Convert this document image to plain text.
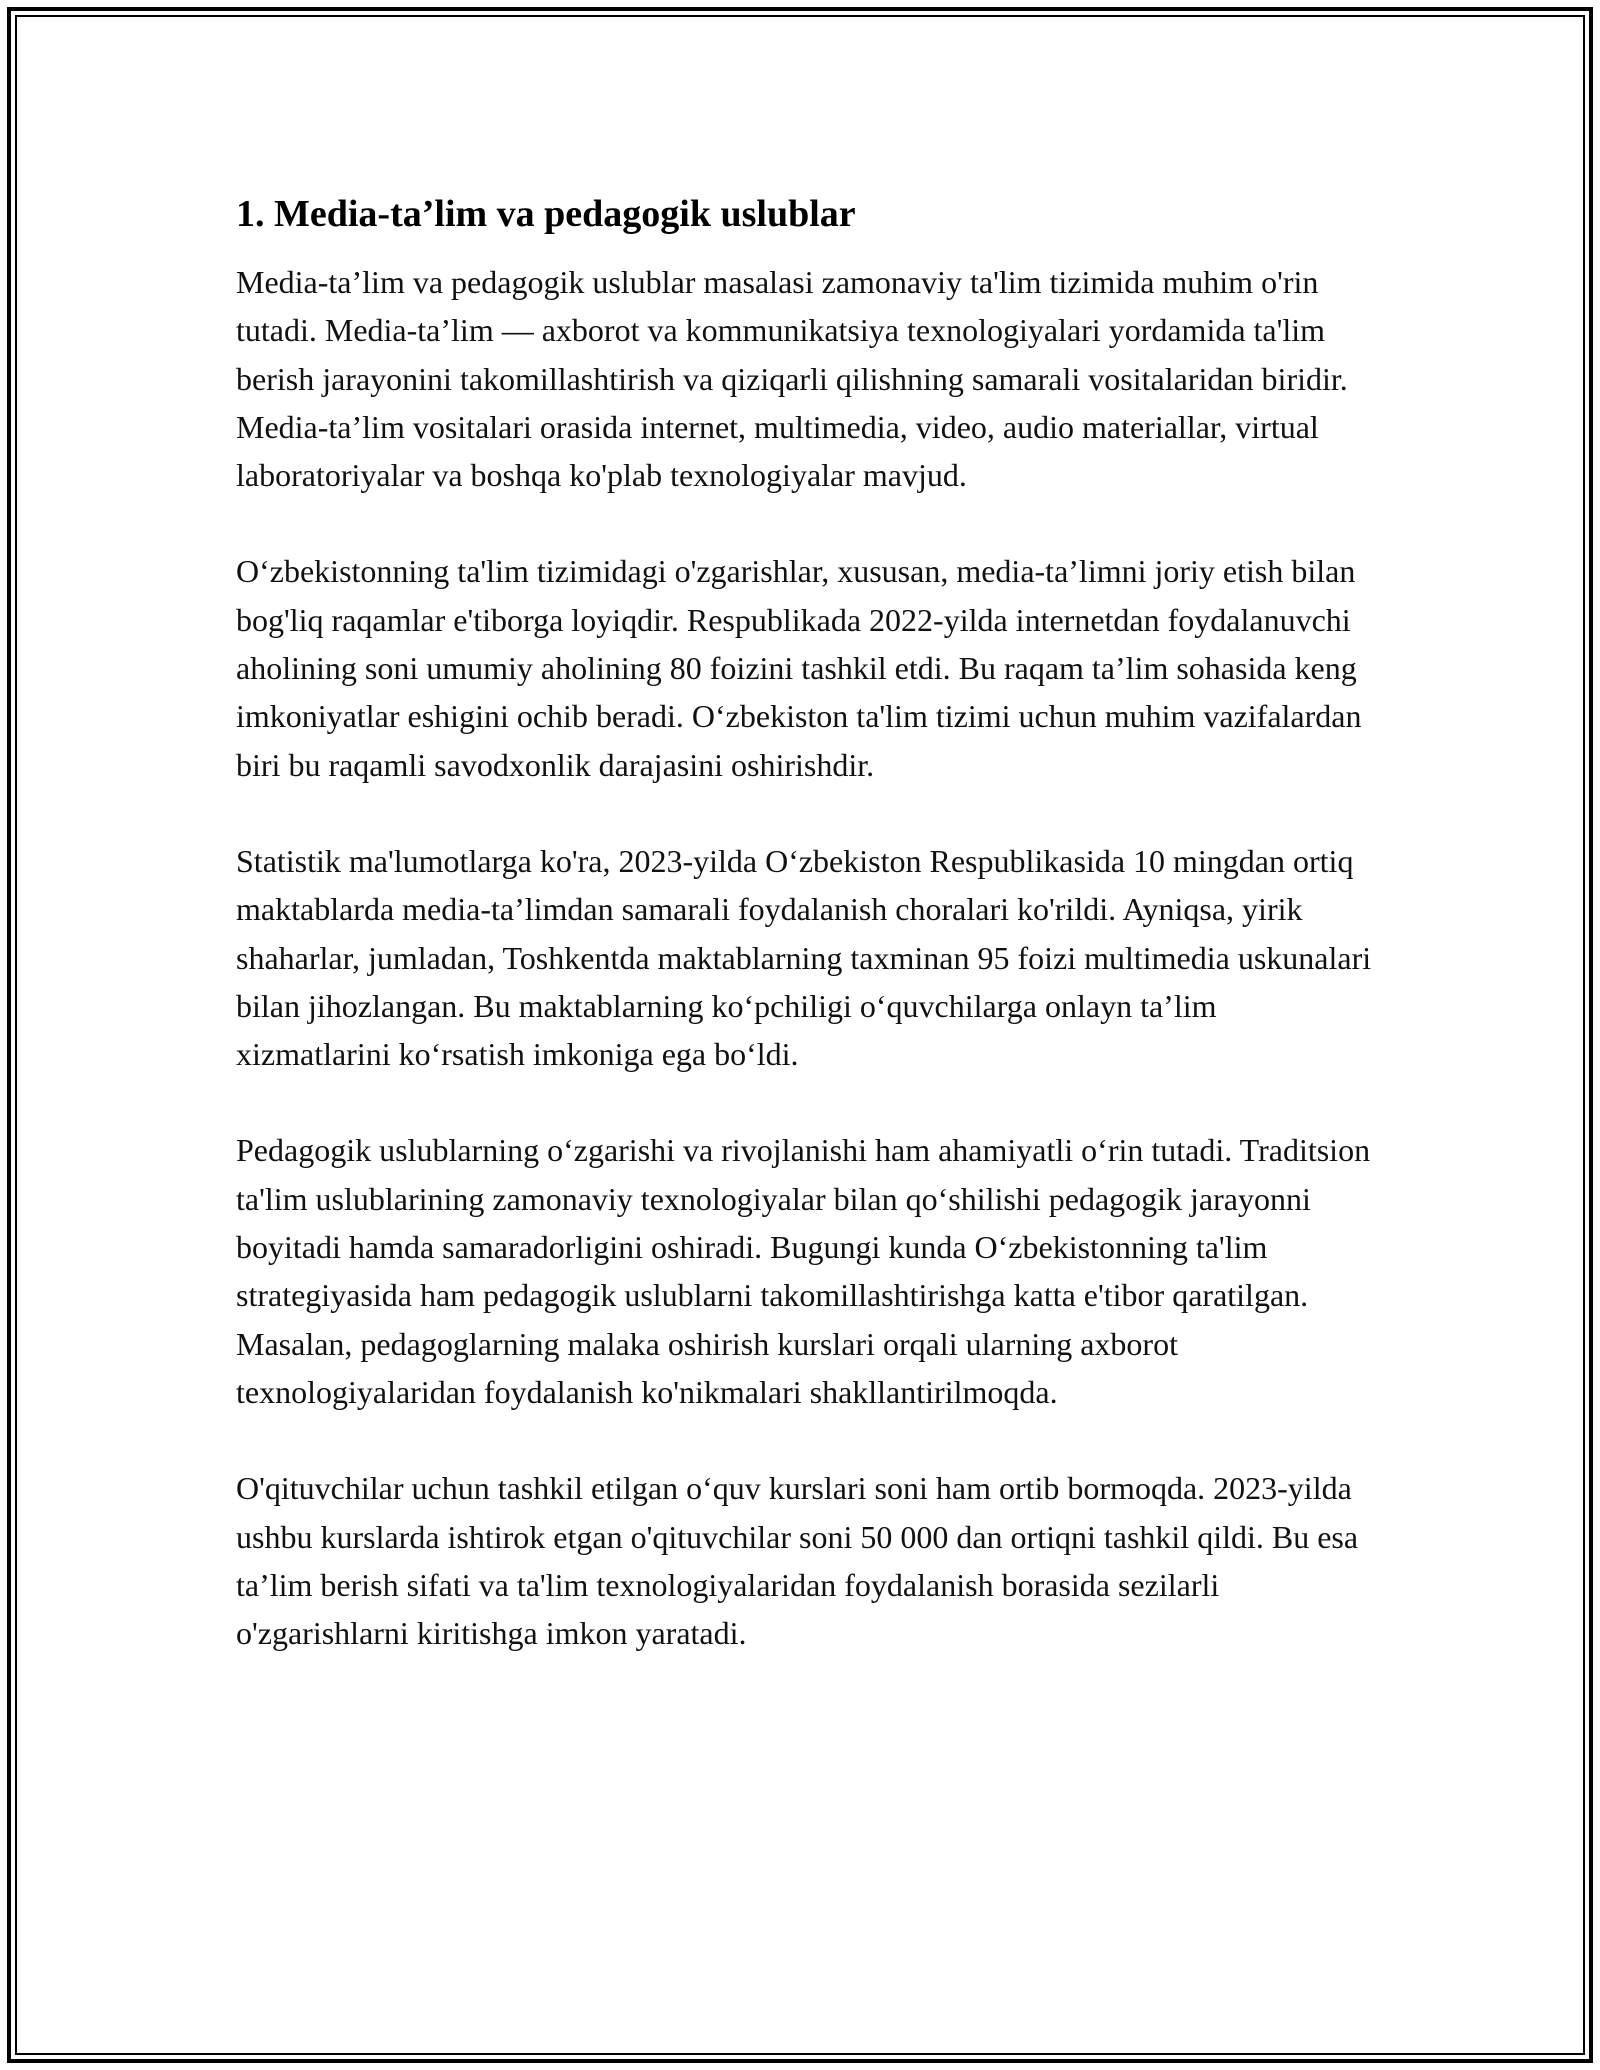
1. Media-ta’lim va pedagogik uslublar

Media-ta’lim va pedagogik uslublar masalasi zamonaviy ta'lim tizimida muhim o'rin tutadi. Media-ta’lim — axborot va kommunikatsiya texnologiyalari yordamida ta'lim berish jarayonini takomillashtirish va qiziqarli qilishning samarali vositalaridan biridir. Media-ta’lim vositalari orasida internet, multimedia, video, audio materiallar, virtual laboratoriyalar va boshqa ko'plab texnologiyalar mavjud.

O‘zbekistonning ta'lim tizimidagi o'zgarishlar, xususan, media-ta’limni joriy etish bilan bog'liq raqamlar e'tiborga loyiqdir. Respublikada 2022-yilda internetdan foydalanuvchi aholining soni umumiy aholining 80 foizini tashkil etdi. Bu raqam ta’lim sohasida keng imkoniyatlar eshigini ochib beradi. O‘zbekiston ta'lim tizimi uchun muhim vazifalardan biri bu raqamli savodxonlik darajasini oshirishdir.

Statistik ma'lumotlarga ko'ra, 2023-yilda O‘zbekiston Respublikasida 10 mingdan ortiq maktablarda media-ta’limdan samarali foydalanish choralari ko'rildi. Ayniqsa, yirik shaharlar, jumladan, Toshkentda maktablarning taxminan 95 foizi multimedia uskunalari bilan jihozlangan. Bu maktablarning ko‘pchiligi o‘quvchilarga onlayn ta’lim xizmatlarini ko‘rsatish imkoniga ega bo‘ldi.

Pedagogik uslublarning o‘zgarishi va rivojlanishi ham ahamiyatli o‘rin tutadi. Traditsion ta'lim uslublarining zamonaviy texnologiyalar bilan qo‘shilishi pedagogik jarayonni boyitadi hamda samaradorligini oshiradi. Bugungi kunda O‘zbekistonning ta'lim strategiyasida ham pedagogik uslublarni takomillashtirishga katta e'tibor qaratilgan. Masalan, pedagoglarning malaka oshirish kurslari orqali ularning axborot texnologiyalaridan foydalanish ko'nikmalari shakllantirilmoqda.

O'qituvchilar uchun tashkil etilgan o‘quv kurslari soni ham ortib bormoqda. 2023-yilda ushbu kurslarda ishtirok etgan o'qituvchilar soni 50 000 dan ortiqni tashkil qildi. Bu esa ta’lim berish sifati va ta'lim texnologiyalaridan foydalanish borasida sezilarli o'zgarishlarni kiritishga imkon yaratadi.
